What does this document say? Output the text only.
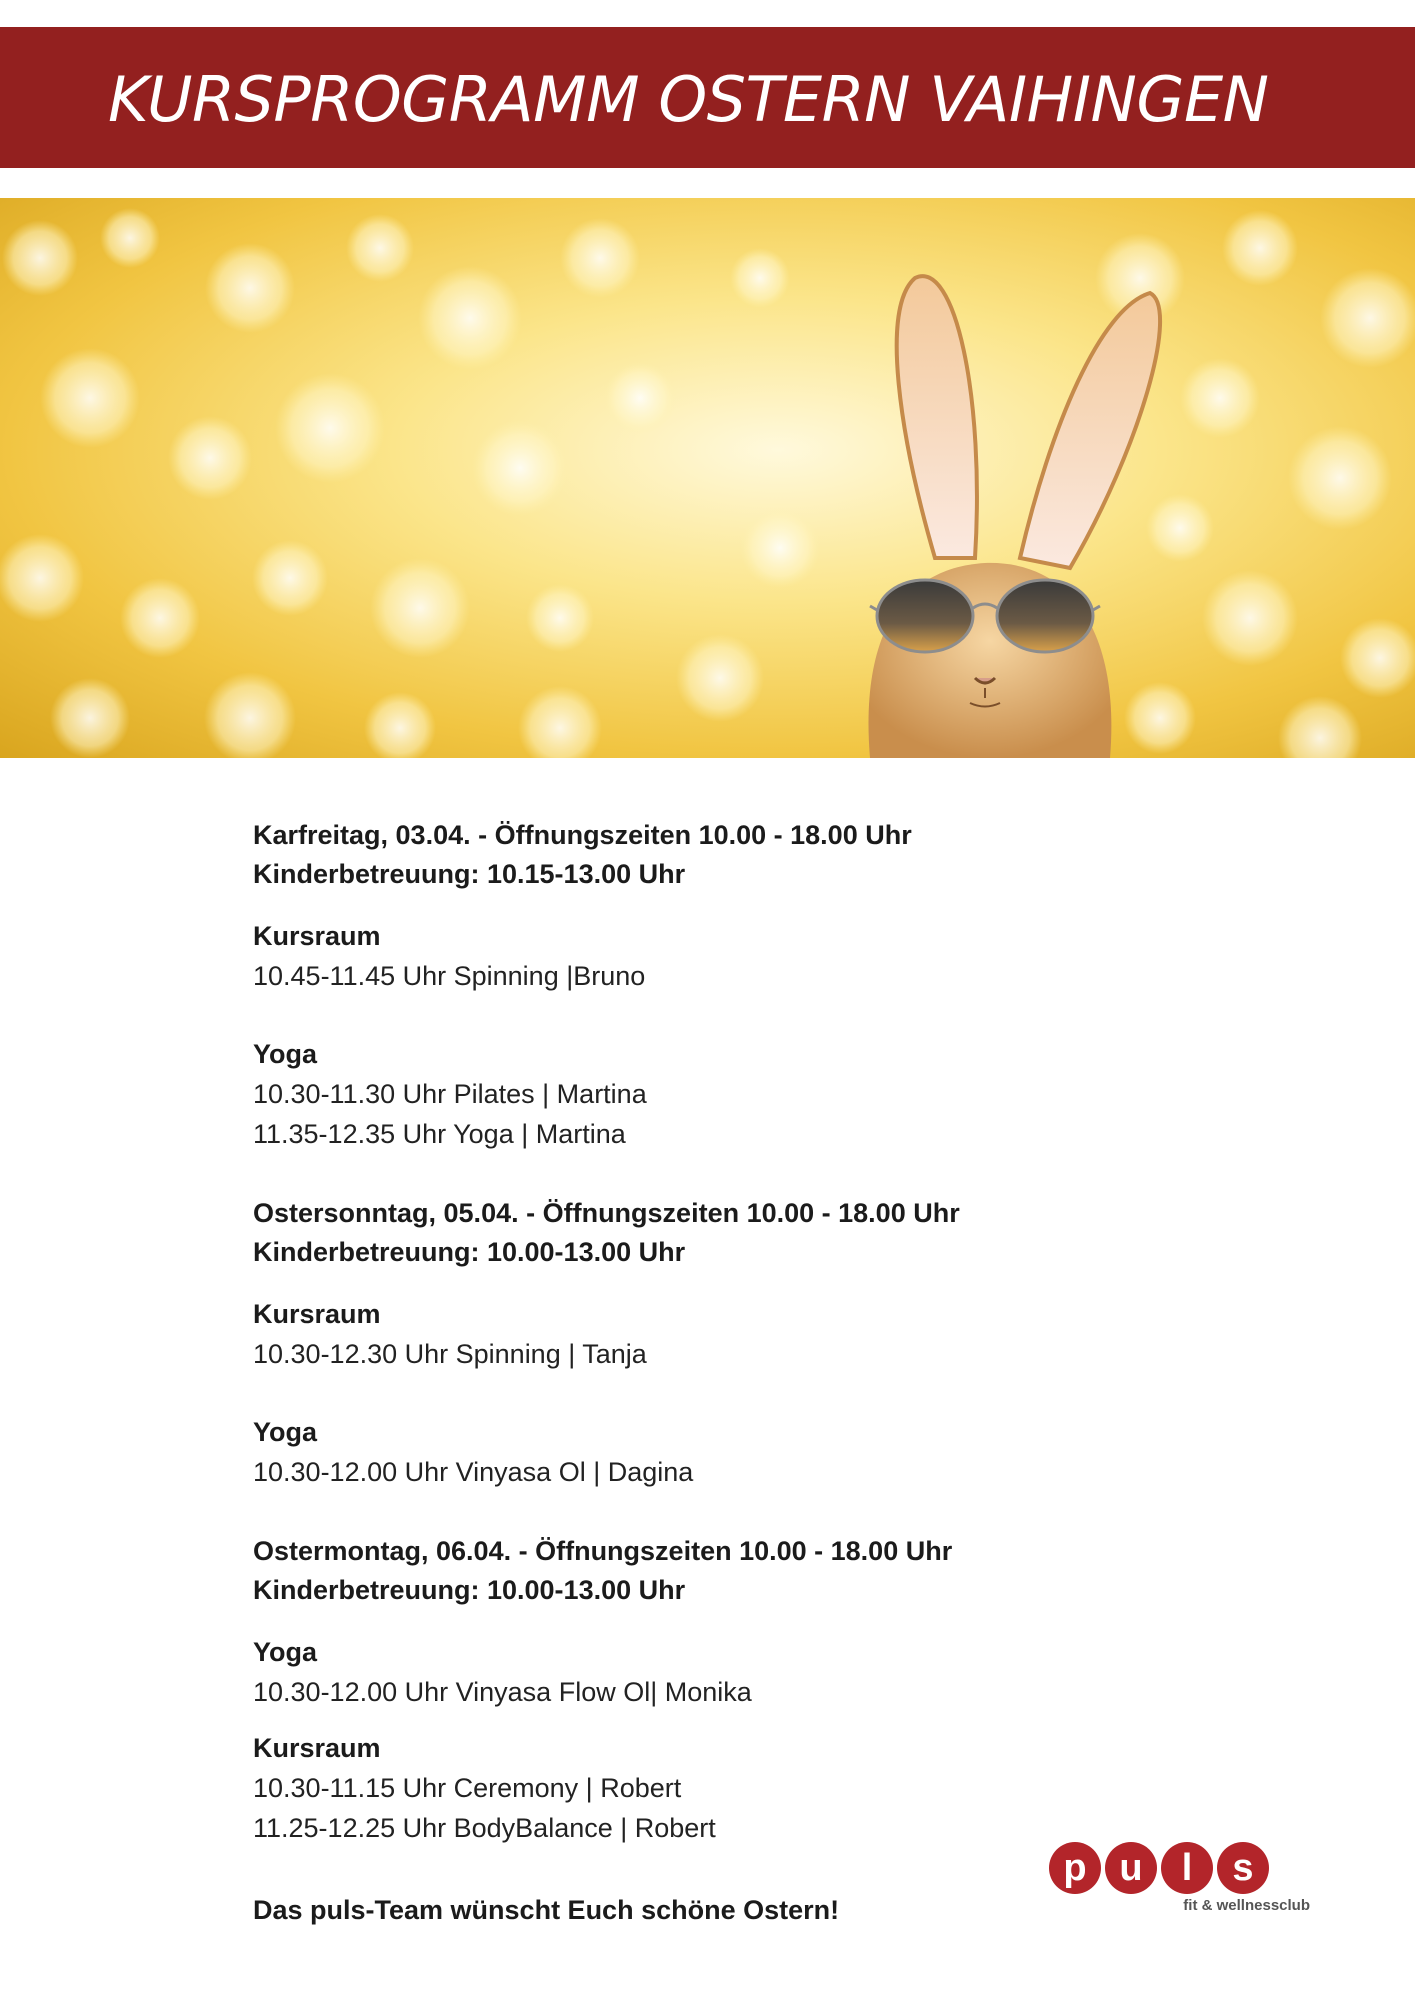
KURSPROGRAMM OSTERN VAIHINGEN
Karfreitag, 03.04. - Öffnungszeiten 10.00 - 18.00 Uhr
Kinderbetreuung: 10.15-13.00 Uhr
Kursraum
10.45-11.45 Uhr Spinning |Bruno
Yoga
10.30-11.30 Uhr Pilates | Martina
11.35-12.35 Uhr Yoga | Martina
Ostersonntag, 05.04. - Öffnungszeiten 10.00 - 18.00 Uhr
Kinderbetreuung: 10.00-13.00 Uhr
Kursraum
10.30-12.30 Uhr Spinning | Tanja
Yoga
10.30-12.00 Uhr Vinyasa Ol | Dagina
Ostermontag, 06.04. - Öffnungszeiten 10.00 - 18.00 Uhr
Kinderbetreuung: 10.00-13.00 Uhr
Yoga
10.30-12.00 Uhr Vinyasa Flow Ol| Monika
Kursraum
10.30-11.15 Uhr Ceremony | Robert
11.25-12.25 Uhr BodyBalance | Robert
Das puls-Team wünscht Euch schöne Ostern!
p u l s
fit & wellnessclub
